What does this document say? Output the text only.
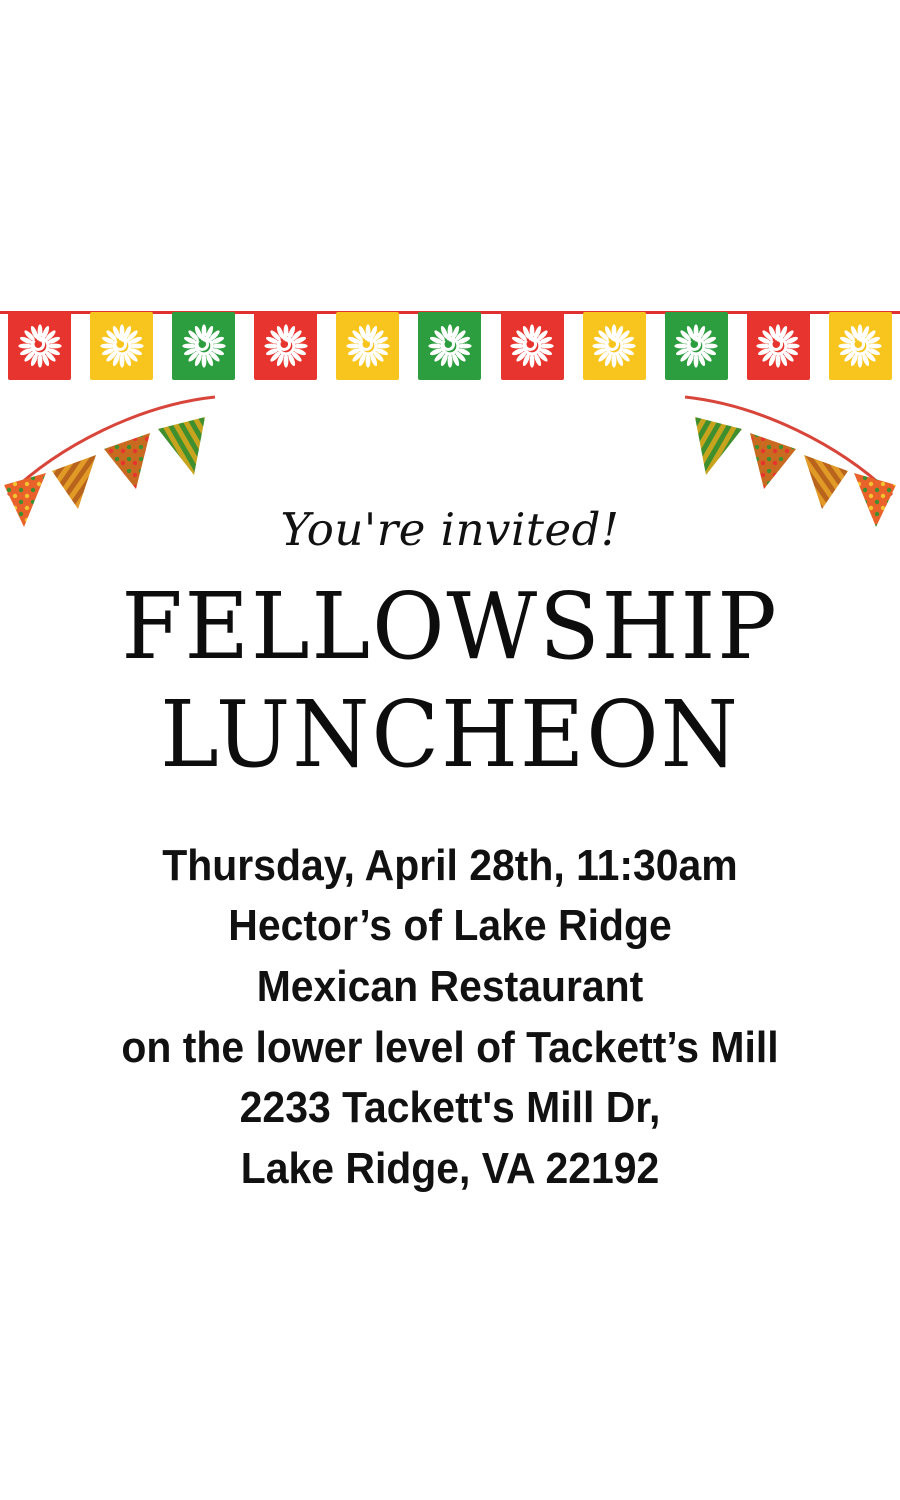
You're invited!

FELLOWSHIP
LUNCHEON
Thursday, April 28th, 11:30am
Hector’s of Lake Ridge
Mexican Restaurant
on the lower level of Tackett’s Mill
2233 Tackett's Mill Dr,
Lake Ridge, VA 22192
